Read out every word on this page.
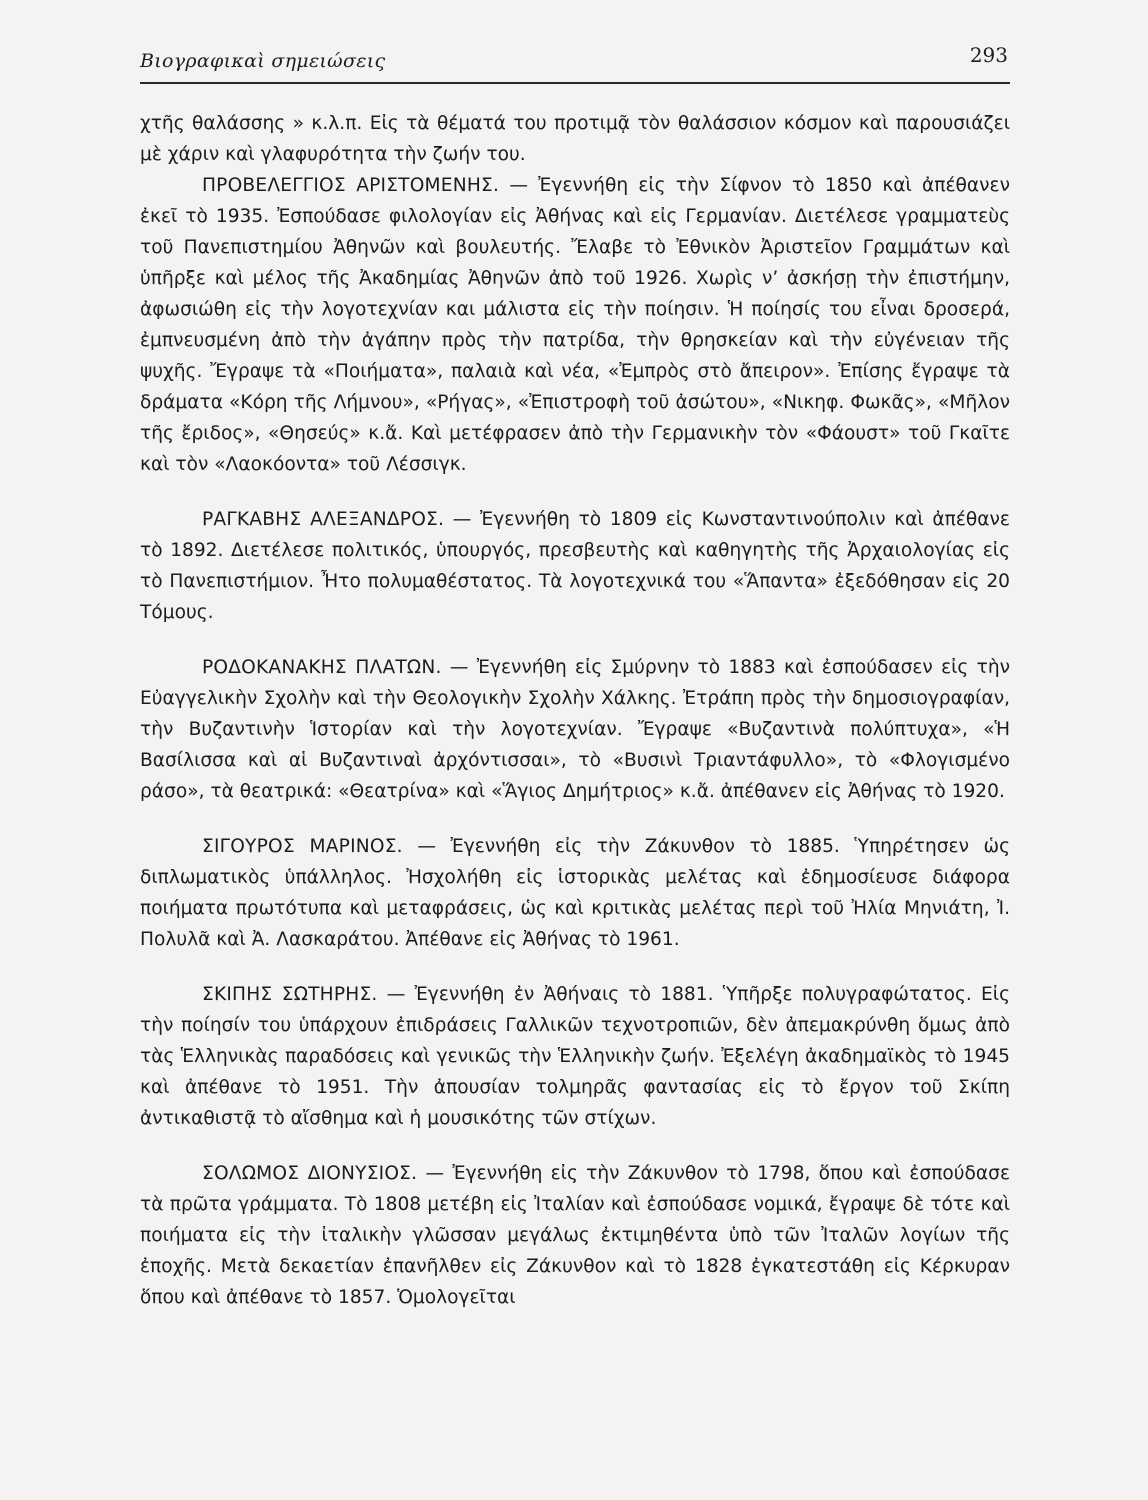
Βιογραφικαὶ σημειώσεις	293

χτῆς θαλάσσης » κ.λ.π. Εἰς τὰ θέματά του προτιμᾷ τὸν θαλάσσιον κόσμον καὶ παρουσιάζει μὲ χάριν καὶ γλαφυρότητα τὴν ζωήν του.

ΠΡΟΒΕΛΕΓΓΙΟΣ ΑΡΙΣΤΟΜΕΝΗΣ. — Ἐγεννήθη εἰς τὴν Σίφνον τὸ 1850 καὶ ἀπέθανεν ἐκεῖ τὸ 1935. Ἐσπούδασε φιλολογίαν εἰς Ἀθήνας καὶ εἰς Γερμανίαν. Διετέλεσε γραμματεὺς τοῦ Πανεπιστημίου Ἀθηνῶν καὶ βουλευτής. Ἔλαβε τὸ Ἐθνικὸν Ἀριστεῖον Γραμμάτων καὶ ὑπῆρξε καὶ μέλος τῆς Ἀκαδημίας Ἀθηνῶν ἀπὸ τοῦ 1926. Χωρὶς ν’ ἀσκήσῃ τὴν ἐπιστήμην, ἀφωσιώθη εἰς τὴν λογοτεχνίαν και μάλιστα εἰς τὴν ποίησιν. Ἡ ποίησίς του εἶναι δροσερά, ἐμπνευσμένη ἀπὸ τὴν ἀγάπην πρὸς τὴν πατρίδα, τὴν θρησκείαν καὶ τὴν εὐγένειαν τῆς ψυχῆς. Ἔγραψε τὰ «Ποιήματα», παλαιὰ καὶ νέα, «Ἐμπρὸς στὸ ἄπειρον». Ἐπίσης ἔγραψε τὰ δράματα «Κόρη τῆς Λήμνου», «Ρήγας», «Ἐπιστροφὴ τοῦ ἀσώτου», «Νικηφ. Φωκᾶς», «Μῆλον τῆς ἔριδος», «Θησεύς» κ.ἄ. Καὶ μετέφρασεν ἀπὸ τὴν Γερμανικὴν τὸν «Φάουστ» τοῦ Γκαῖτε καὶ τὸν «Λαοκόοντα» τοῦ Λέσσιγκ.

ΡΑΓΚΑΒΗΣ ΑΛΕΞΑΝΔΡΟΣ. — Ἐγεννήθη τὸ 1809 εἰς Κωνσταντινούπολιν καὶ ἀπέθανε τὸ 1892. Διετέλεσε πολιτικός, ὑπουργός, πρεσβευτὴς καὶ καθηγητὴς τῆς Ἀρχαιολογίας εἰς τὸ Πανεπιστήμιον. Ἦτο πολυμαθέστατος. Τὰ λογοτεχνικά του «Ἅπαντα» ἐξεδόθησαν εἰς 20 Τόμους.

ΡΟΔΟΚΑΝΑΚΗΣ ΠΛΑΤΩΝ. — Ἐγεννήθη εἰς Σμύρνην τὸ 1883 καὶ ἐσπούδασεν εἰς τὴν Εὐαγγελικὴν Σχολὴν καὶ τὴν Θεολογικὴν Σχολὴν Χάλκης. Ἐτράπη πρὸς τὴν δημοσιογραφίαν, τὴν Βυζαντινὴν Ἱστορίαν καὶ τὴν λογοτεχνίαν. Ἔγραψε «Βυζαντινὰ πολύπτυχα», «Ἡ Βασίλισσα καὶ αἱ Βυζαντιναὶ ἀρχόντισσαι», τὸ «Βυσινὶ Τριαντάφυλλο», τὸ «Φλογισμένο ράσο», τὰ θεατρικά: «Θεατρίνα» καὶ «Ἅγιος Δημήτριος» κ.ἄ. ἀπέθανεν εἰς Ἀθήνας τὸ 1920.

ΣΙΓΟΥΡΟΣ ΜΑΡΙΝΟΣ. — Ἐγεννήθη εἰς τὴν Ζάκυνθον τὸ 1885. Ὑπηρέτησεν ὡς διπλωματικὸς ὑπάλληλος. Ἠσχολήθη εἰς ἱστορικὰς μελέτας καὶ ἐδημοσίευσε διάφορα ποιήματα πρωτότυπα καὶ μεταφράσεις, ὡς καὶ κριτικὰς μελέτας περὶ τοῦ Ἠλία Μηνιάτη, Ἰ. Πολυλᾶ καὶ Ἀ. Λασκαράτου. Ἀπέθανε εἰς Ἀθήνας τὸ 1961.

ΣΚΙΠΗΣ ΣΩΤΗΡΗΣ. — Ἐγεννήθη ἐν Ἀθήναις τὸ 1881. Ὑπῆρξε πολυγραφώτατος. Εἰς τὴν ποίησίν του ὑπάρχουν ἐπιδράσεις Γαλλικῶν τεχνοτροπιῶν, δὲν ἀπεμακρύνθη ὅμως ἀπὸ τὰς Ἑλληνικὰς παραδόσεις καὶ γενικῶς τὴν Ἑλληνικὴν ζωήν. Ἐξελέγη ἀκαδημαϊκὸς τὸ 1945 καὶ ἀπέθανε τὸ 1951. Τὴν ἀπουσίαν τολμηρᾶς φαντασίας εἰς τὸ ἔργον τοῦ Σκίπη ἀντικαθιστᾷ τὸ αἴσθημα καὶ ἡ μουσικότης τῶν στίχων.

ΣΟΛΩΜΟΣ ΔΙΟΝΥΣΙΟΣ. — Ἐγεννήθη εἰς τὴν Ζάκυνθον τὸ 1798, ὅπου καὶ ἐσπούδασε τὰ πρῶτα γράμματα. Τὸ 1808 μετέβη εἰς Ἰταλίαν καὶ ἐσπούδασε νομικά, ἔγραψε δὲ τότε καὶ ποιήματα εἰς τὴν ἰταλικὴν γλῶσσαν μεγάλως ἐκτιμηθέντα ὑπὸ τῶν Ἰταλῶν λογίων τῆς ἐποχῆς. Μετὰ δεκαετίαν ἐπανῆλθεν εἰς Ζάκυνθον καὶ τὸ 1828 ἐγκατεστάθη εἰς Κέρκυραν ὅπου καὶ ἀπέθανε τὸ 1857. Ὁμολογεῖται
